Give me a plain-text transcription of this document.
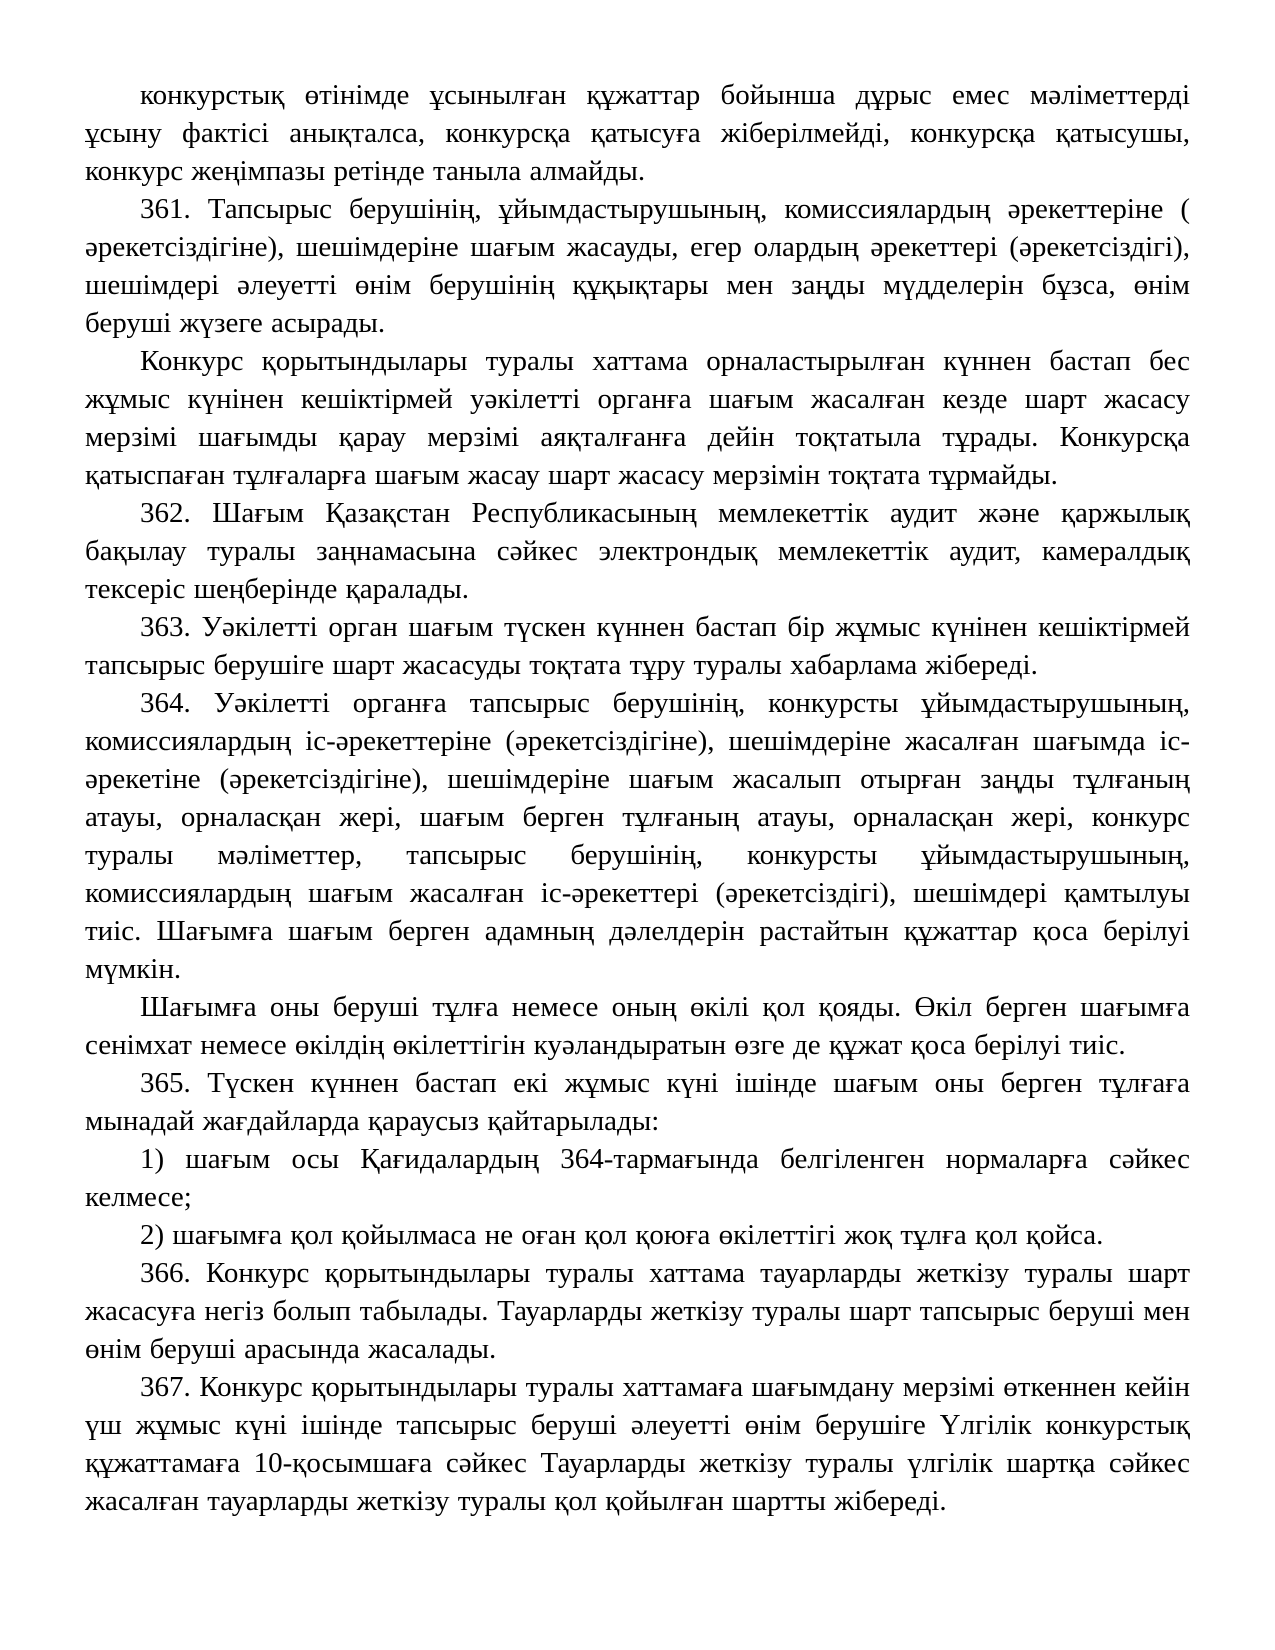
конкурстық өтінімде ұсынылған құжаттар бойынша дұрыс емес мәліметтерді ұсыну фактісі анықталса, конкурсқа қатысуға жіберілмейді, конкурсқа қатысушы, конкурс жеңімпазы ретінде таныла алмайды.

361. Тапсырыс берушінің, ұйымдастырушының, комиссиялардың әрекеттеріне ( әрекетсіздігіне), шешімдеріне шағым жасауды, егер олардың әрекеттері (әрекетсіздігі), шешімдері әлеуетті өнім берушінің құқықтары мен заңды мүдделерін бұзса, өнім беруші жүзеге асырады.

Конкурс қорытындылары туралы хаттама орналастырылған күннен бастап бес жұмыс күнінен кешіктірмей уәкілетті органға шағым жасалған кезде шарт жасасу мерзімі шағымды қарау мерзімі аяқталғанға дейін тоқтатыла тұрады. Конкурсқа қатыспаған тұлғаларға шағым жасау шарт жасасу мерзімін тоқтата тұрмайды.

362. Шағым Қазақстан Республикасының мемлекеттік аудит және қаржылық бақылау туралы заңнамасына сәйкес электрондық мемлекеттік аудит, камералдық тексеріс шеңберінде қаралады.

363. Уәкілетті орган шағым түскен күннен бастап бір жұмыс күнінен кешіктірмей тапсырыс берушіге шарт жасасуды тоқтата тұру туралы хабарлама жібереді.

364. Уәкілетті органға тапсырыс берушінің, конкурсты ұйымдастырушының, комиссиялардың іс-әрекеттеріне (әрекетсіздігіне), шешімдеріне жасалған шағымда іс-әрекетіне (әрекетсіздігіне), шешімдеріне шағым жасалып отырған заңды тұлғаның атауы, орналасқан жері, шағым берген тұлғаның атауы, орналасқан жері, конкурс туралы мәліметтер, тапсырыс берушінің, конкурсты ұйымдастырушының, комиссиялардың шағым жасалған іс-әрекеттері (әрекетсіздігі), шешімдері қамтылуы тиіс. Шағымға шағым берген адамның дәлелдерін растайтын құжаттар қоса берілуі мүмкін.

Шағымға оны беруші тұлға немесе оның өкілі қол қояды. Өкіл берген шағымға сенімхат немесе өкілдің өкілеттігін куәландыратын өзге де құжат қоса берілуі тиіс.

365. Түскен күннен бастап екі жұмыс күні ішінде шағым оны берген тұлғаға мынадай жағдайларда қараусыз қайтарылады:

1) шағым осы Қағидалардың 364-тармағында белгіленген нормаларға сәйкес келмесе;

2) шағымға қол қойылмаса не оған қол қоюға өкілеттігі жоқ тұлға қол қойса.

366. Конкурс қорытындылары туралы хаттама тауарларды жеткізу туралы шарт жасасуға негіз болып табылады. Тауарларды жеткізу туралы шарт тапсырыс беруші мен өнім беруші арасында жасалады.

367. Конкурс қорытындылары туралы хаттамаға шағымдану мерзімі өткеннен кейін үш жұмыс күні ішінде тапсырыс беруші әлеуетті өнім берушіге Үлгілік конкурстық құжаттамаға 10-қосымшаға сәйкес Тауарларды жеткізу туралы үлгілік шартқа сәйкес жасалған тауарларды жеткізу туралы қол қойылған шартты жібереді.
